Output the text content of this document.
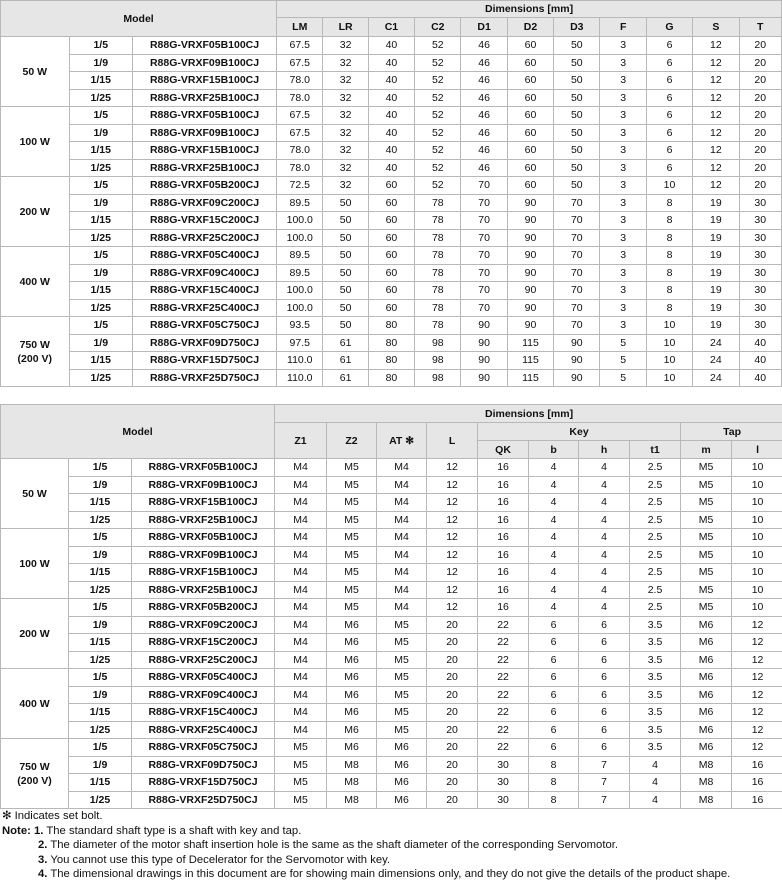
Model			Dimensions [mm]										
			LM	LR	C1	C2	D1	D2	D3	F	G	S	T
50 W	1/5	R88G-VRXF05B100CJ	67.5	32	40	52	46	60	50	3	6	12	20
	1/9	R88G-VRXF09B100CJ	67.5	32	40	52	46	60	50	3	6	12	20
	1/15	R88G-VRXF15B100CJ	78.0	32	40	52	46	60	50	3	6	12	20
	1/25	R88G-VRXF25B100CJ	78.0	32	40	52	46	60	50	3	6	12	20
100 W	1/5	R88G-VRXF05B100CJ	67.5	32	40	52	46	60	50	3	6	12	20
	1/9	R88G-VRXF09B100CJ	67.5	32	40	52	46	60	50	3	6	12	20
	1/15	R88G-VRXF15B100CJ	78.0	32	40	52	46	60	50	3	6	12	20
	1/25	R88G-VRXF25B100CJ	78.0	32	40	52	46	60	50	3	6	12	20
200 W	1/5	R88G-VRXF05B200CJ	72.5	32	60	52	70	60	50	3	10	12	20
	1/9	R88G-VRXF09C200CJ	89.5	50	60	78	70	90	70	3	8	19	30
	1/15	R88G-VRXF15C200CJ	100.0	50	60	78	70	90	70	3	8	19	30
	1/25	R88G-VRXF25C200CJ	100.0	50	60	78	70	90	70	3	8	19	30
400 W	1/5	R88G-VRXF05C400CJ	89.5	50	60	78	70	90	70	3	8	19	30
	1/9	R88G-VRXF09C400CJ	89.5	50	60	78	70	90	70	3	8	19	30
	1/15	R88G-VRXF15C400CJ	100.0	50	60	78	70	90	70	3	8	19	30
	1/25	R88G-VRXF25C400CJ	100.0	50	60	78	70	90	70	3	8	19	30
750 W
(200 V)	1/5	R88G-VRXF05C750CJ	93.5	50	80	78	90	90	70	3	10	19	30
	1/9	R88G-VRXF09D750CJ	97.5	61	80	98	90	115	90	5	10	24	40
	1/15	R88G-VRXF15D750CJ	110.0	61	80	98	90	115	90	5	10	24	40
	1/25	R88G-VRXF25D750CJ	110.0	61	80	98	90	115	90	5	10	24	40
Model			Dimensions [mm]									
			Z1	Z2	AT ✻	L	Key				Tap	
							QK	b	h	t1	m	l
50 W	1/5	R88G-VRXF05B100CJ	M4	M5	M4	12	16	4	4	2.5	M5	10
	1/9	R88G-VRXF09B100CJ	M4	M5	M4	12	16	4	4	2.5	M5	10
	1/15	R88G-VRXF15B100CJ	M4	M5	M4	12	16	4	4	2.5	M5	10
	1/25	R88G-VRXF25B100CJ	M4	M5	M4	12	16	4	4	2.5	M5	10
100 W	1/5	R88G-VRXF05B100CJ	M4	M5	M4	12	16	4	4	2.5	M5	10
	1/9	R88G-VRXF09B100CJ	M4	M5	M4	12	16	4	4	2.5	M5	10
	1/15	R88G-VRXF15B100CJ	M4	M5	M4	12	16	4	4	2.5	M5	10
	1/25	R88G-VRXF25B100CJ	M4	M5	M4	12	16	4	4	2.5	M5	10
200 W	1/5	R88G-VRXF05B200CJ	M4	M5	M4	12	16	4	4	2.5	M5	10
	1/9	R88G-VRXF09C200CJ	M4	M6	M5	20	22	6	6	3.5	M6	12
	1/15	R88G-VRXF15C200CJ	M4	M6	M5	20	22	6	6	3.5	M6	12
	1/25	R88G-VRXF25C200CJ	M4	M6	M5	20	22	6	6	3.5	M6	12
400 W	1/5	R88G-VRXF05C400CJ	M4	M6	M5	20	22	6	6	3.5	M6	12
	1/9	R88G-VRXF09C400CJ	M4	M6	M5	20	22	6	6	3.5	M6	12
	1/15	R88G-VRXF15C400CJ	M4	M6	M5	20	22	6	6	3.5	M6	12
	1/25	R88G-VRXF25C400CJ	M4	M6	M5	20	22	6	6	3.5	M6	12
750 W
(200 V)	1/5	R88G-VRXF05C750CJ	M5	M6	M6	20	22	6	6	3.5	M6	12
	1/9	R88G-VRXF09D750CJ	M5	M8	M6	20	30	8	7	4	M8	16
	1/15	R88G-VRXF15D750CJ	M5	M8	M6	20	30	8	7	4	M8	16
	1/25	R88G-VRXF25D750CJ	M5	M8	M6	20	30	8	7	4	M8	16
✻ Indicates set bolt.
Note: 1. The standard shaft type is a shaft with key and tap.
2. The diameter of the motor shaft insertion hole is the same as the shaft diameter of the corresponding Servomotor.
3. You cannot use this type of Decelerator for the Servomotor with key.
4. The dimensional drawings in this document are for showing main dimensions only, and they do not give the details of the product shape.
